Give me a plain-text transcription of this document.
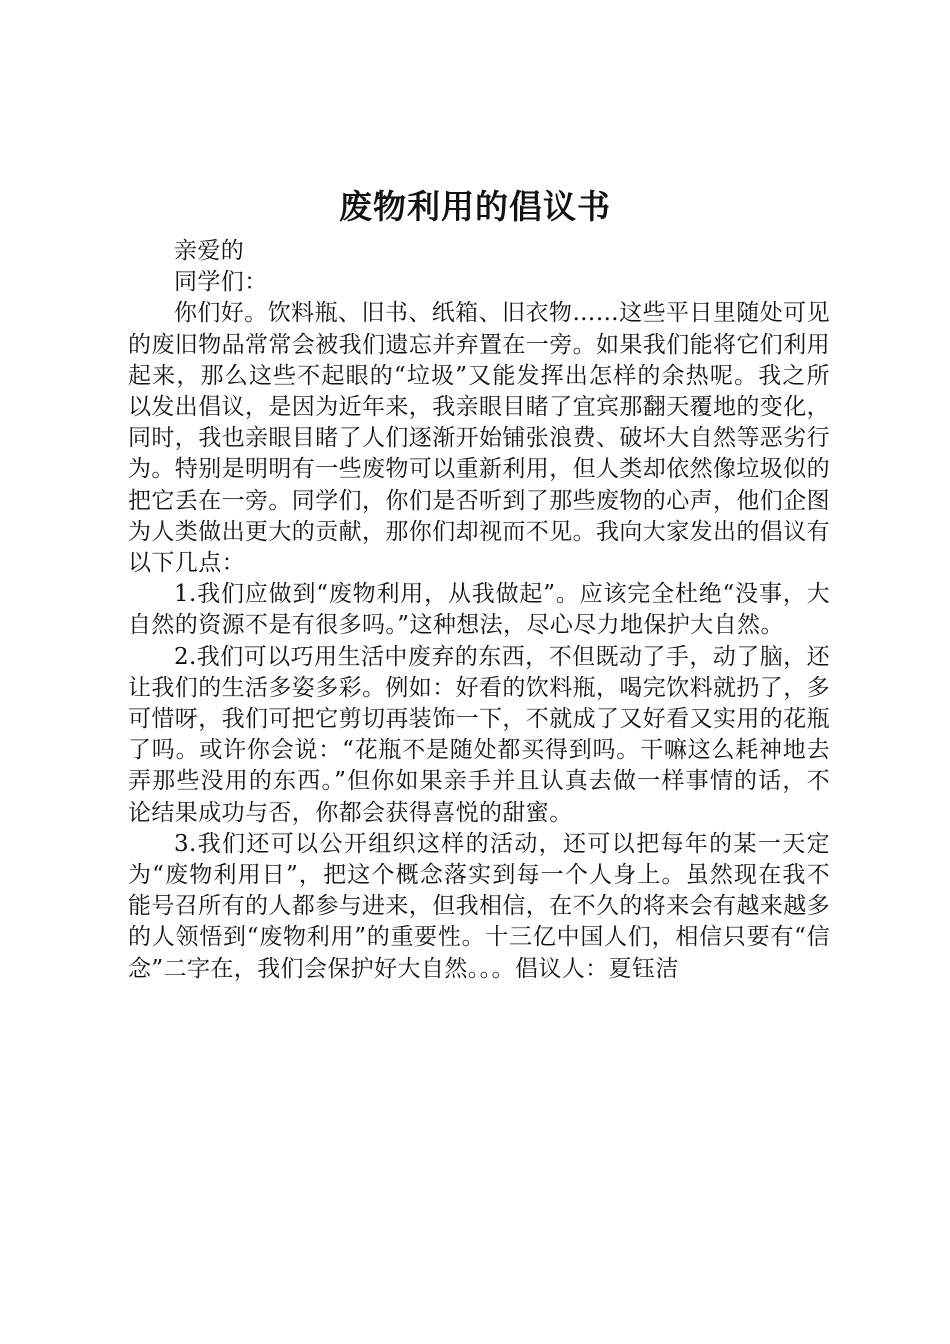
废物利用的倡议书

亲爱的

同学们：

你们好。饮料瓶、旧书、纸箱、旧衣物……这些平日里随处可见的废旧物品常常会被我们遗忘并弃置在一旁。如果我们能将它们利用起来，那么这些不起眼的“垃圾”又能发挥出怎样的余热呢。我之所以发出倡议，是因为近年来，我亲眼目睹了宜宾那翻天覆地的变化，同时，我也亲眼目睹了人们逐渐开始铺张浪费、破坏大自然等恶劣行为。特别是明明有一些废物可以重新利用，但人类却依然像垃圾似的把它丢在一旁。同学们，你们是否听到了那些废物的心声，他们企图为人类做出更大的贡献，那你们却视而不见。我向大家发出的倡议有以下几点：

1.我们应做到“废物利用，从我做起”。应该完全杜绝“没事，大自然的资源不是有很多吗。”这种想法，尽心尽力地保护大自然。

2.我们可以巧用生活中废弃的东西，不但既动了手，动了脑，还让我们的生活多姿多彩。例如：好看的饮料瓶，喝完饮料就扔了，多可惜呀，我们可把它剪切再装饰一下，不就成了又好看又实用的花瓶了吗。或许你会说：“花瓶不是随处都买得到吗。干嘛这么耗神地去弄那些没用的东西。”但你如果亲手并且认真去做一样事情的话，不论结果成功与否，你都会获得喜悦的甜蜜。

3.我们还可以公开组织这样的活动，还可以把每年的某一天定为“废物利用日”，把这个概念落实到每一个人身上。虽然现在我不能号召所有的人都参与进来，但我相信，在不久的将来会有越来越多的人领悟到“废物利用”的重要性。十三亿中国人们，相信只要有“信念”二字在，我们会保护好大自然。。。倡议人：夏钰洁
